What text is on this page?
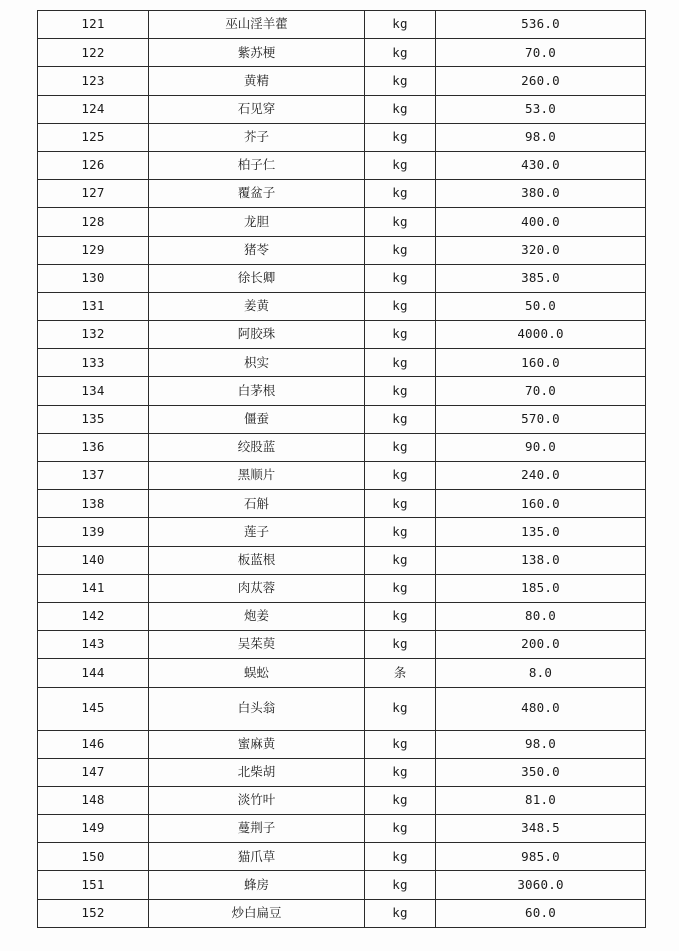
121	巫山淫羊藿	kg	536.0
122	紫苏梗	kg	70.0
123	黄精	kg	260.0
124	石见穿	kg	53.0
125	芥子	kg	98.0
126	柏子仁	kg	430.0
127	覆盆子	kg	380.0
128	龙胆	kg	400.0
129	猪苓	kg	320.0
130	徐长卿	kg	385.0
131	姜黄	kg	50.0
132	阿胶珠	kg	4000.0
133	枳实	kg	160.0
134	白茅根	kg	70.0
135	僵蚕	kg	570.0
136	绞股蓝	kg	90.0
137	黑顺片	kg	240.0
138	石斛	kg	160.0
139	莲子	kg	135.0
140	板蓝根	kg	138.0
141	肉苁蓉	kg	185.0
142	炮姜	kg	80.0
143	吴茱萸	kg	200.0
144	蜈蚣	条	8.0
145	白头翁	kg	480.0
146	蜜麻黄	kg	98.0
147	北柴胡	kg	350.0
148	淡竹叶	kg	81.0
149	蔓荆子	kg	348.5
150	猫爪草	kg	985.0
151	蜂房	kg	3060.0
152	炒白扁豆	kg	60.0
